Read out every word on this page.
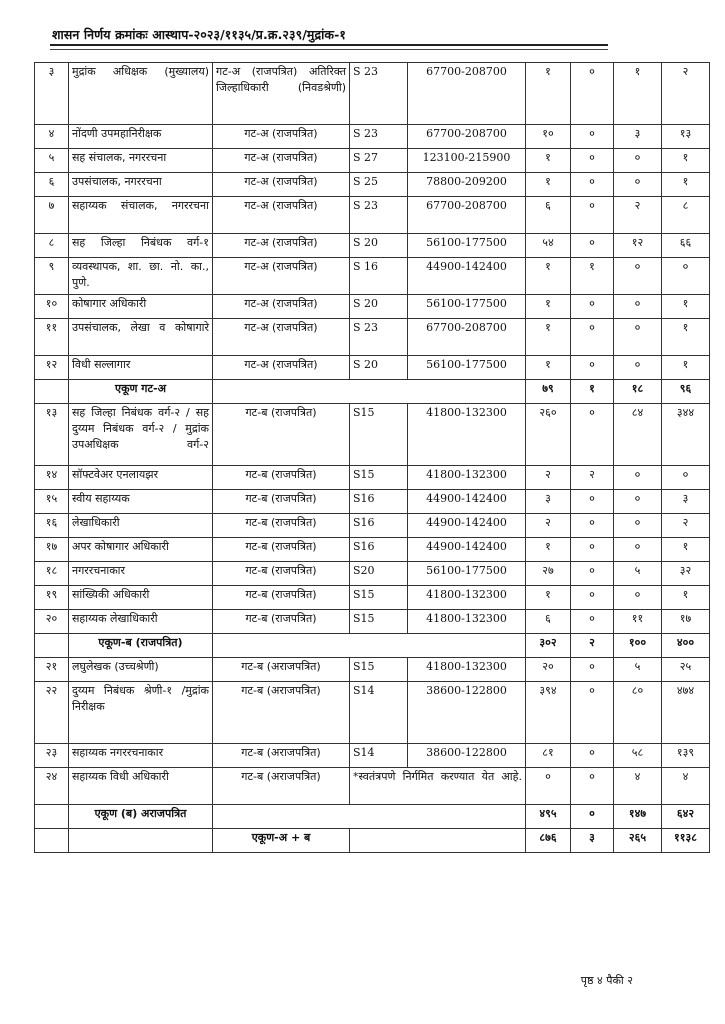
शासन निर्णय क्रमांकः आस्थाप-२०२३/११३५/प्र.क्र.२३९/मुद्रांक-१
३	मुद्रांक अधिक्षक (मुख्यालय)	गट-अ (राजपत्रित) अतिरिक्त जिल्हाधिकारी (निवडश्रेणी)	S 23	67700-208700	१	०	१	२
४	नोंदणी उपमहानिरीक्षक	गट-अ (राजपत्रित)	S 23	67700-208700	१०	०	३	१३
५	सह संचालक, नगररचना	गट-अ (राजपत्रित)	S 27	123100-215900	१	०	०	१
६	उपसंचालक, नगररचना	गट-अ (राजपत्रित)	S 25	78800-209200	१	०	०	१
७	सहाय्यक संचालक, नगररचना	गट-अ (राजपत्रित)	S 23	67700-208700	६	०	२	८
८	सह जिल्हा निबंधक वर्ग-१	गट-अ (राजपत्रित)	S 20	56100-177500	५४	०	१२	६६
९	व्यवस्थापक, शा. छा. नो. का., पुणे.	गट-अ (राजपत्रित)	S 16	44900-142400	१	१	०	०
१०	कोषागार अधिकारी	गट-अ (राजपत्रित)	S 20	56100-177500	१	०	०	१
११	उपसंचालक, लेखा व कोषागारे	गट-अ (राजपत्रित)	S 23	67700-208700	१	०	०	१
१२	विधी सल्लागार	गट-अ (राजपत्रित)	S 20	56100-177500	१	०	०	१
	एकूण गट-अ				७९	१	१८	९६
१३	सह जिल्हा निबंधक वर्ग-२ / सह दुय्यम निबंधक वर्ग-२ / मुद्रांक उपअधिक्षक वर्ग-२	गट-ब (राजपत्रित)	S15	41800-132300	२६०	०	८४	३४४
१४	सॉफ्टवेअर एनलायझर	गट-ब (राजपत्रित)	S15	41800-132300	२	२	०	०
१५	स्वीय सहाय्यक	गट-ब (राजपत्रित)	S16	44900-142400	३	०	०	३
१६	लेखाधिकारी	गट-ब (राजपत्रित)	S16	44900-142400	२	०	०	२
१७	अपर कोषागार अधिकारी	गट-ब (राजपत्रित)	S16	44900-142400	१	०	०	१
१८	नगररचनाकार	गट-ब (राजपत्रित)	S20	56100-177500	२७	०	५	३२
१९	सांख्यिकी अधिकारी	गट-ब (राजपत्रित)	S15	41800-132300	१	०	०	१
२०	सहाय्यक लेखाधिकारी	गट-ब (राजपत्रित)	S15	41800-132300	६	०	११	१७
	एकूण-ब (राजपत्रित)				३०२	२	१००	४००
२१	लघुलेखक (उच्चश्रेणी)	गट-ब (अराजपत्रित)	S15	41800-132300	२०	०	५	२५
२२	दुय्यम निबंधक श्रेणी-१ /मुद्रांक निरीक्षक	गट-ब (अराजपत्रित)	S14	38600-122800	३९४	०	८०	४७४
२३	सहाय्यक नगररचनाकार	गट-ब (अराजपत्रित)	S14	38600-122800	८१	०	५८	१३९
२४	सहाय्यक विधी अधिकारी	गट-ब (अराजपत्रित)	*स्वतंत्रपणे निर्गमित करण्यात येत आहे.		०	०	४	४
	एकूण (ब) अराजपत्रित				४९५	०	१४७	६४२
		एकूण-अ + ब			८७६	३	२६५	११३८
पृष्ठ ४ पैकी २
